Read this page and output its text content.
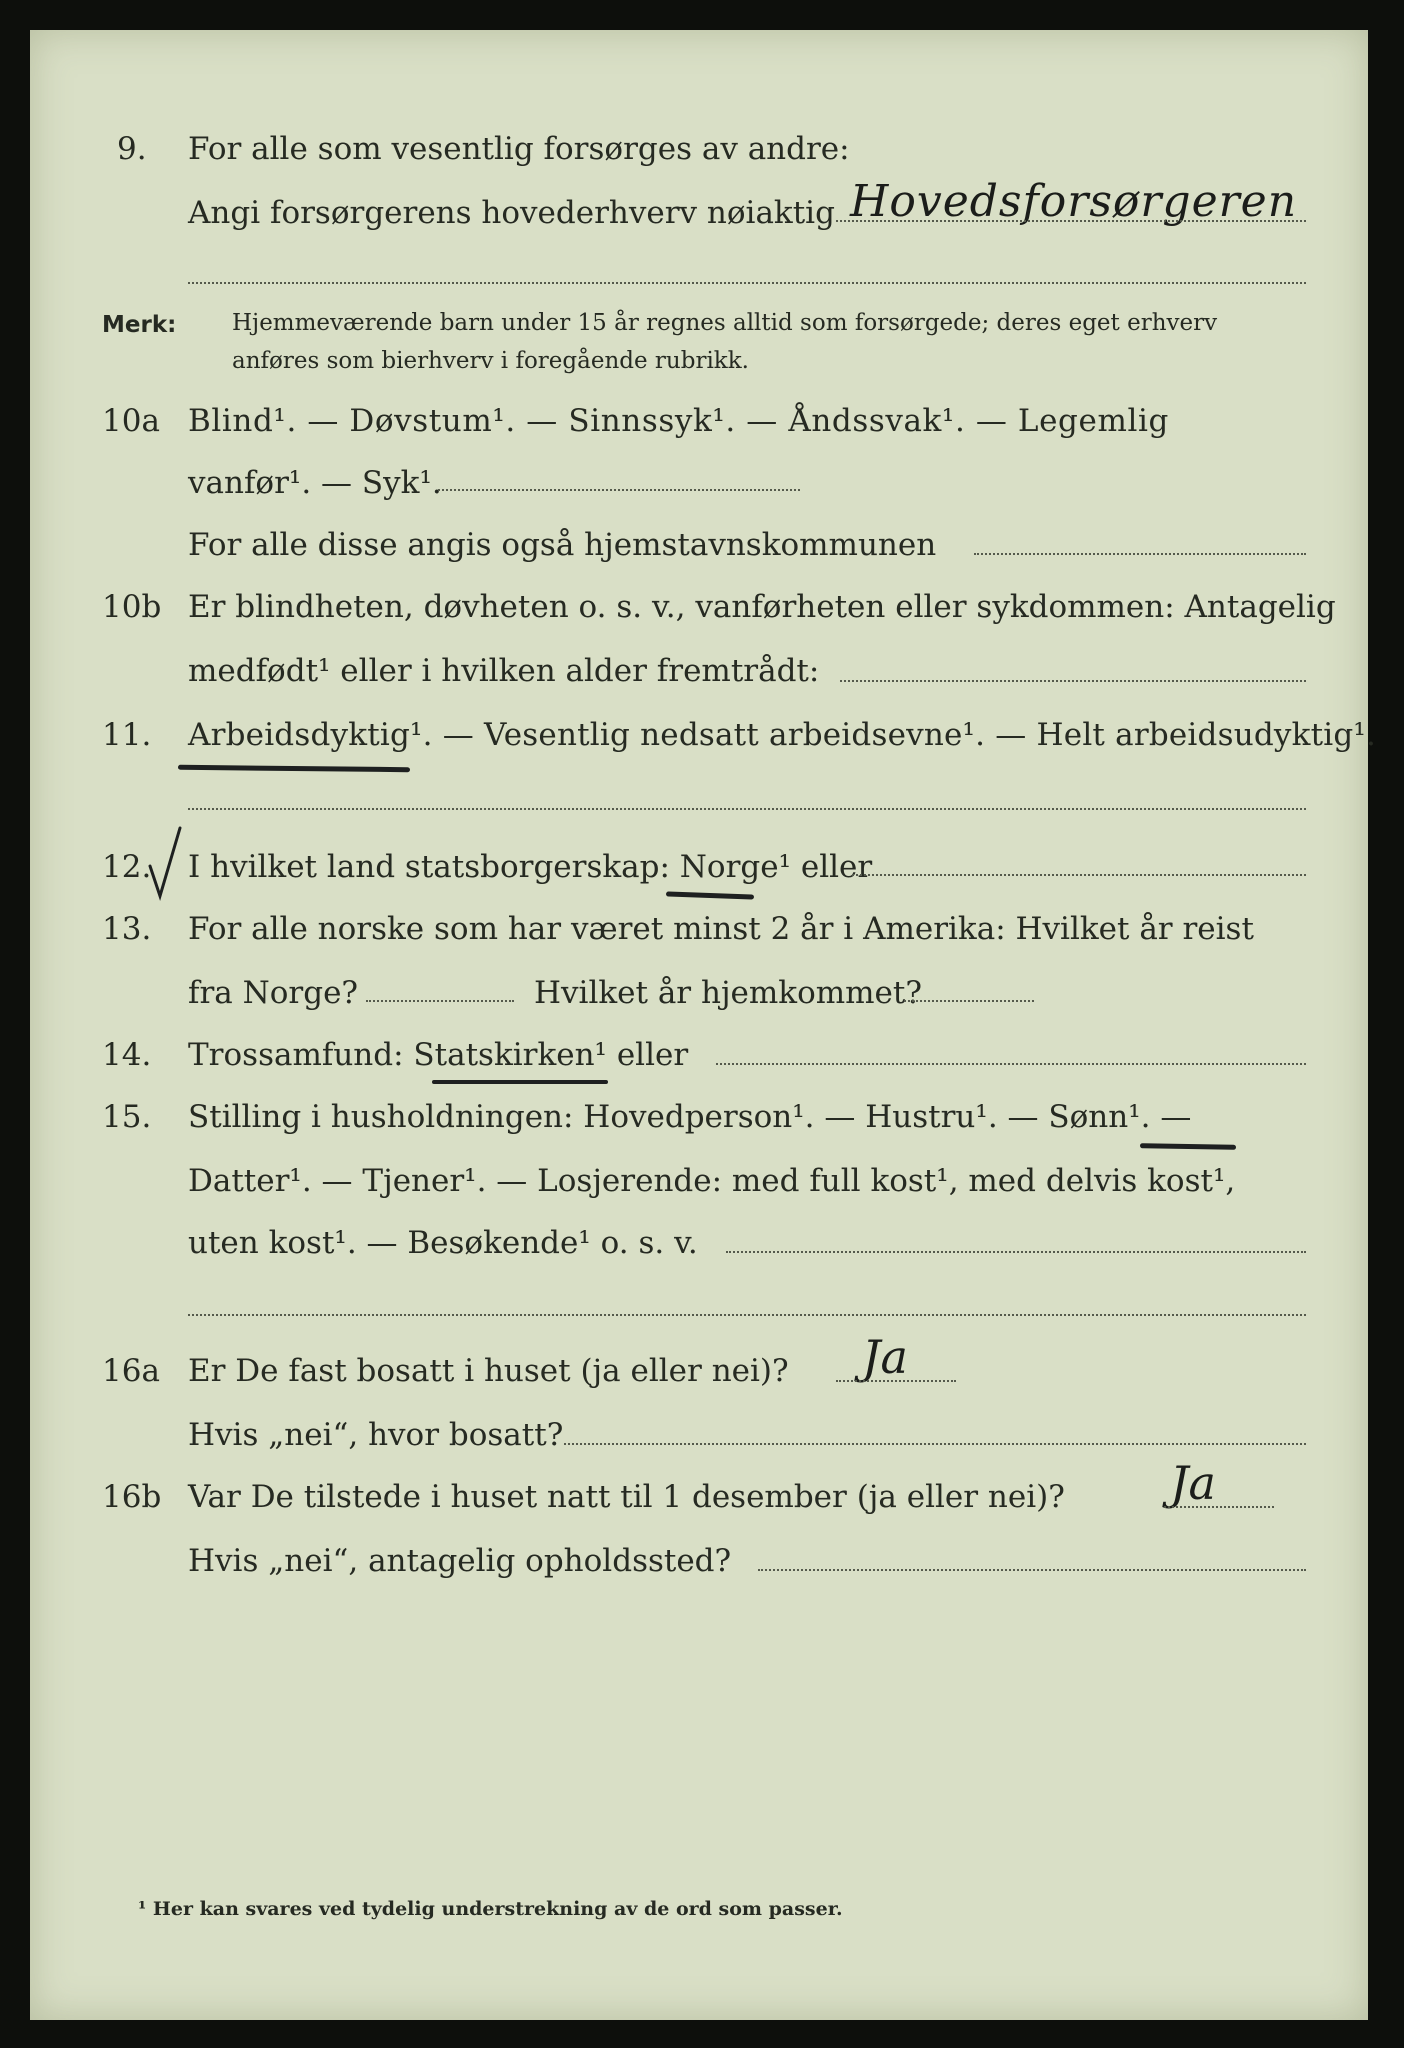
9. For alle som vesentlig forsørges av andre:
Angi forsørgerens hovederhverv nøiaktig Hovedsforsørgeren
Merk: Hjemmeværende barn under 15 år regnes alltid som forsørgede; deres eget erhverv
anføres som bierhverv i foregående rubrikk.
10a Blind¹. — Døvstum¹. — Sinnssyk¹. — Åndssvak¹. — Legemlig
vanfør¹. — Syk¹.
For alle disse angis også hjemstavnskommunen
10b Er blindheten, døvheten o. s. v., vanførheten eller sykdommen: Antagelig
medfødt¹ eller i hvilken alder fremtrådt:
11. Arbeidsdyktig¹. — Vesentlig nedsatt arbeidsevne¹. — Helt arbeidsudyktig¹.
12. I hvilket land statsborgerskap: Norge¹ eller
13. For alle norske som har været minst 2 år i Amerika: Hvilket år reist
fra Norge?	Hvilket år hjemkommet?
14. Trossamfund: Statskirken¹ eller
15. Stilling i husholdningen: Hovedperson¹. — Hustru¹. — Sønn¹. —
Datter¹. — Tjener¹. — Losjerende: med full kost¹, med delvis kost¹,
uten kost¹. — Besøkende¹ o. s. v.
16a Er De fast bosatt i huset (ja eller nei)? Ja
Hvis „nei“, hvor bosatt?
16b Var De tilstede i huset natt til 1 desember (ja eller nei)? Ja
Hvis „nei“, antagelig opholdssted?
¹ Her kan svares ved tydelig understrekning av de ord som passer.
